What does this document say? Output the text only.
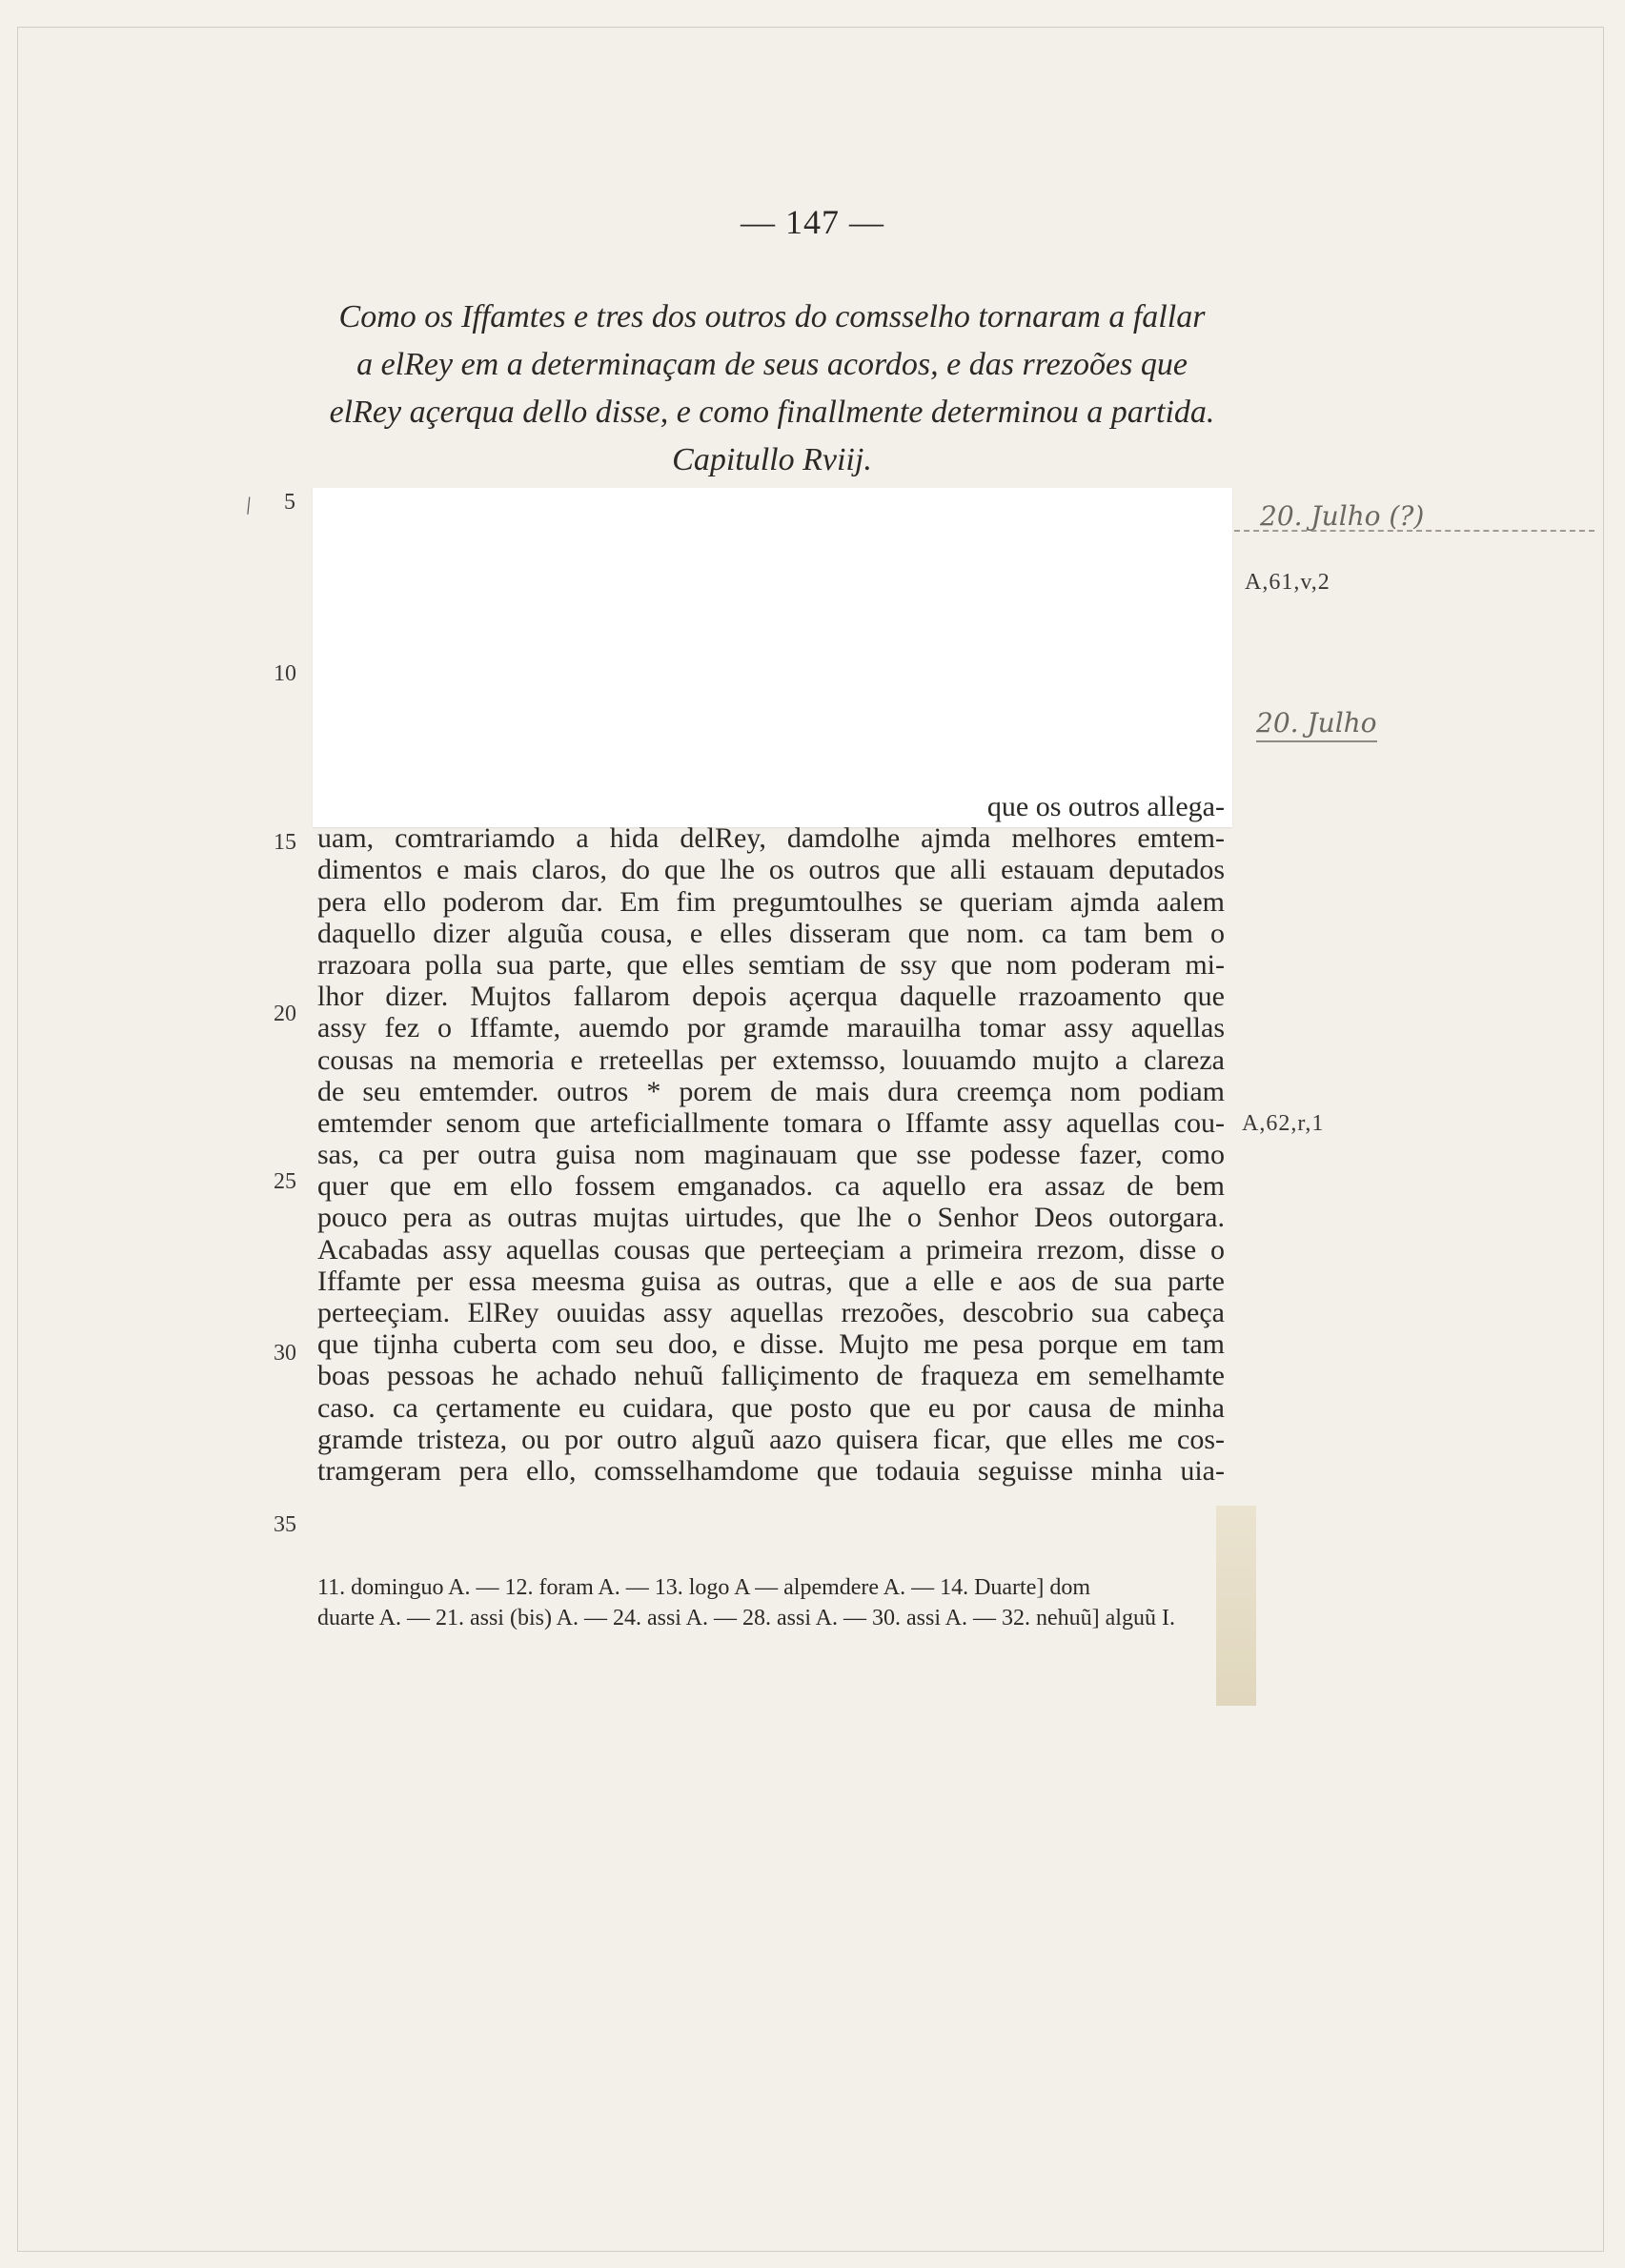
— 147 —
Como os Iffamtes e tres dos outros do comsselho tornaram a fallar
a elRey em a determinaçam de seus acordos, e das rrezoões que
elRey açerqua dello disse, e como finallmente determinou a partida.
Capitullo Rviij.
\ 5
10
15
20
25
30
35
A,61,v,2
A,62,r,1
20. Julho (?)
20. Julho
que os outros allega-
uam, comtrariamdo a hida delRey, damdolhe ajmda melhores emtem-
dimentos e mais claros, do que lhe os outros que alli estauam deputados
pera ello poderom dar. Em fim pregumtoulhes se queriam ajmda aalem
daquello dizer alguũa cousa, e elles disseram que nom. ca tam bem o
rrazoara polla sua parte, que elles semtiam de ssy que nom poderam mi-
lhor dizer. Mujtos fallarom depois açerqua daquelle rrazoamento que
assy fez o Iffamte, auemdo por gramde marauilha tomar assy aquellas
cousas na memoria e rreteellas per extemsso, louuamdo mujto a clareza
de seu emtemder. outros * porem de mais dura creemça nom podiam
emtemder senom que arteficiallmente tomara o Iffamte assy aquellas cou-
sas, ca per outra guisa nom maginauam que sse podesse fazer, como
quer que em ello fossem emganados. ca aquello era assaz de bem
pouco pera as outras mujtas uirtudes, que lhe o Senhor Deos outorgara.
Acabadas assy aquellas cousas que perteeçiam a primeira rrezom, disse o
Iffamte per essa meesma guisa as outras, que a elle e aos de sua parte
perteeçiam. ElRey ouuidas assy aquellas rrezoões, descobrio sua cabeça
que tijnha cuberta com seu doo, e disse. Mujto me pesa porque em tam
boas pessoas he achado nehuũ falliçimento de fraqueza em semelhamte
caso. ca çertamente eu cuidara, que posto que eu por causa de minha
gramde tristeza, ou por outro alguũ aazo quisera ficar, que elles me cos-
tramgeram pera ello, comsselhamdome que todauia seguisse minha uia-
11. dominguo A. — 12. foram A. — 13. logo A — alpemdere A. — 14. Duarte] dom
duarte A. — 21. assi (bis) A. — 24. assi A. — 28. assi A. — 30. assi A. — 32. nehuũ] alguũ I.
